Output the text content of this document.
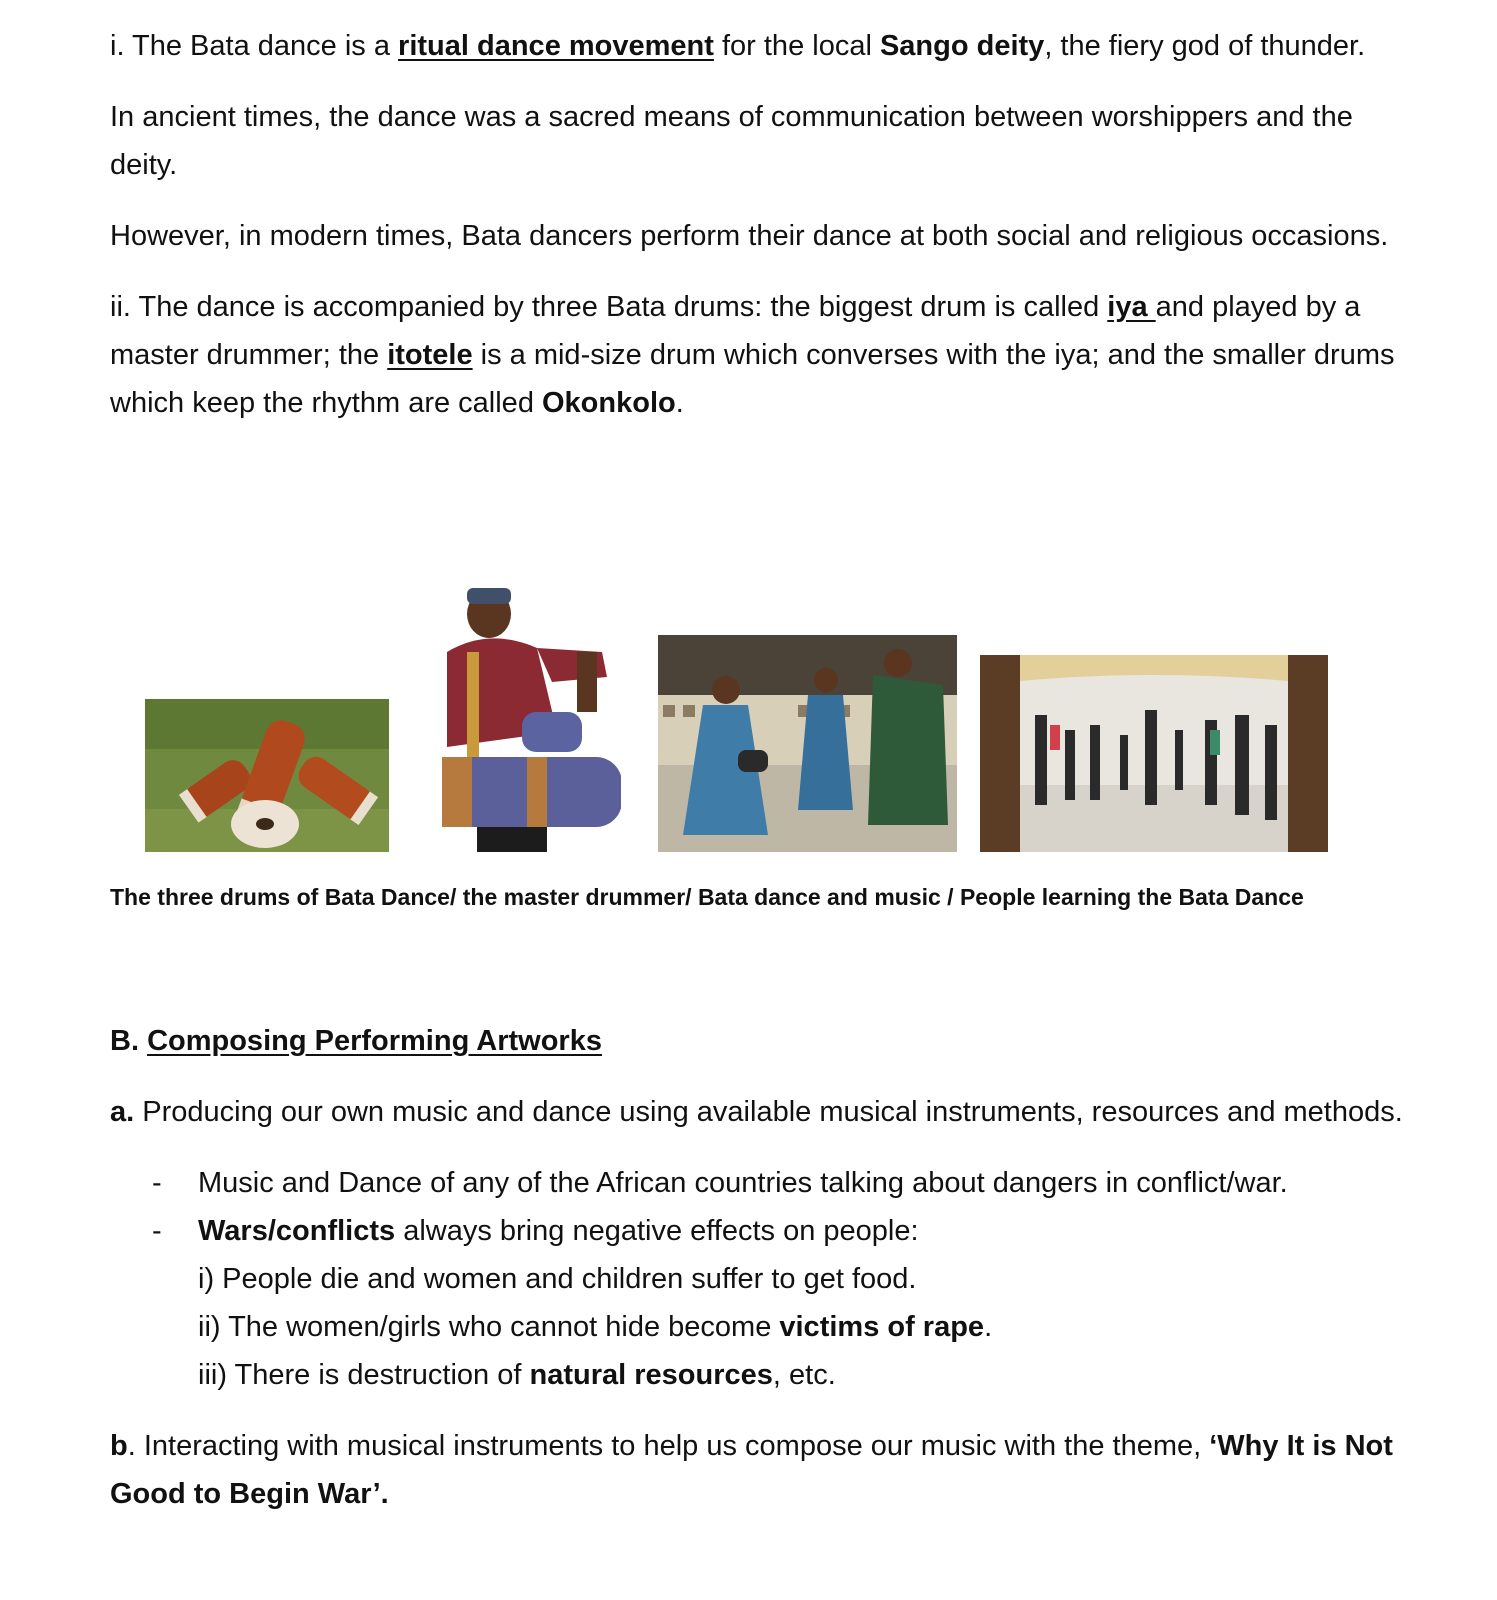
i. The Bata dance is a ritual dance movement for the local Sango deity, the fiery god of thunder.

In ancient times, the dance was a sacred means of communication between worshippers and the deity.

However, in modern times, Bata dancers perform their dance at both social and religious occasions.

ii. The dance is accompanied by three Bata drums: the biggest drum is called iya and played by a master drummer; the itotele is a mid-size drum which converses with the iya; and the smaller drums which keep the rhythm are called Okonkolo.

The three drums of Bata Dance/ the master drummer/ Bata dance and music / People learning the Bata Dance

B. Composing Performing Artworks

a. Producing our own music and dance using available musical instruments, resources and methods.

- Music and Dance of any of the African countries talking about dangers in conflict/war.
- Wars/conflicts always bring negative effects on people:

i) People die and women and children suffer to get food.

ii) The women/girls who cannot hide become victims of rape.

iii) There is destruction of natural resources, etc.

b. Interacting with musical instruments to help us compose our music with the theme, ‘Why It is Not Good to Begin War’.
